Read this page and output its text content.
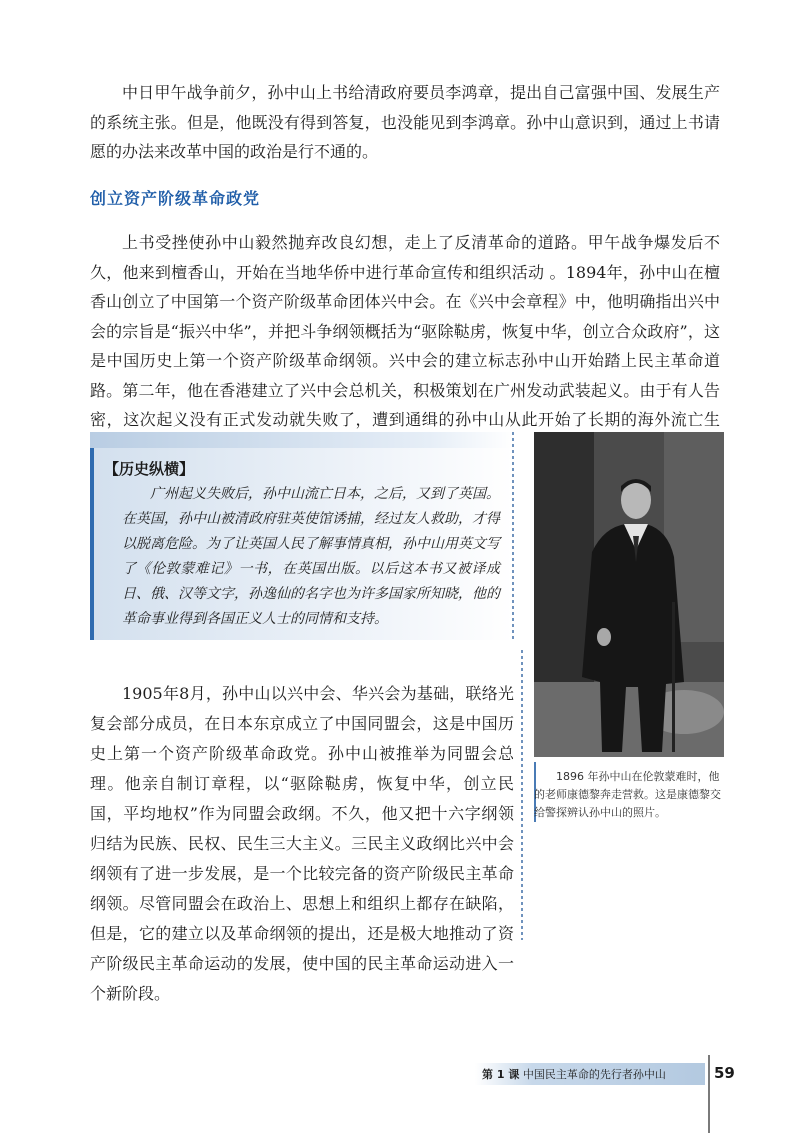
中日甲午战争前夕，孙中山上书给清政府要员李鸿章，提出自己富强中国、发展生产的系统主张。但是，他既没有得到答复，也没能见到李鸿章。孙中山意识到，通过上书请愿的办法来改革中国的政治是行不通的。

创立资产阶级革命政党

上书受挫使孙中山毅然抛弃改良幻想，走上了反清革命的道路。甲午战争爆发后不久，他来到檀香山，开始在当地华侨中进行革命宣传和组织活动 。1894年，孙中山在檀香山创立了中国第一个资产阶级革命团体兴中会。在《兴中会章程》中，他明确指出兴中会的宗旨是“振兴中华”，并把斗争纲领概括为“驱除鞑虏，恢复中华，创立合众政府”，这是中国历史上第一个资产阶级革命纲领。兴中会的建立标志孙中山开始踏上民主革命道路。第二年，他在香港建立了兴中会总机关，积极策划在广州发动武装起义。由于有人告密，这次起义没有正式发动就失败了，遭到通缉的孙中山从此开始了长期的海外流亡生

【历史纵横】

广州起义失败后，孙中山流亡日本，之后，又到了英国。在英国，孙中山被清政府驻英使馆诱捕，经过友人救助，才得以脱离危险。为了让英国人民了解事情真相，孙中山用英文写了《伦敦蒙难记》一书，在英国出版。以后这本书又被译成日、俄、汉等文字，孙逸仙的名字也为许多国家所知晓，他的革命事业得到各国正义人士的同情和支持。

1896 年孙中山在伦敦蒙难时，他的老师康德黎奔走营救。这是康德黎交给警探辨认孙中山的照片。

1905年8月，孙中山以兴中会、华兴会为基础，联络光复会部分成员，在日本东京成立了中国同盟会，这是中国历史上第一个资产阶级革命政党。孙中山被推举为同盟会总理。他亲自制订章程，以“驱除鞑虏，恢复中华，创立民国，平均地权”作为同盟会政纲。不久，他又把十六字纲领归结为民族、民权、民生三大主义。三民主义政纲比兴中会纲领有了进一步发展，是一个比较完备的资产阶级民主革命纲领。尽管同盟会在政治上、思想上和组织上都存在缺陷，但是，它的建立以及革命纲领的提出，还是极大地推动了资产阶级民主革命运动的发展，使中国的民主革命运动进入一个新阶段。

第 1 课 中国民主革命的先行者孙中山	59
